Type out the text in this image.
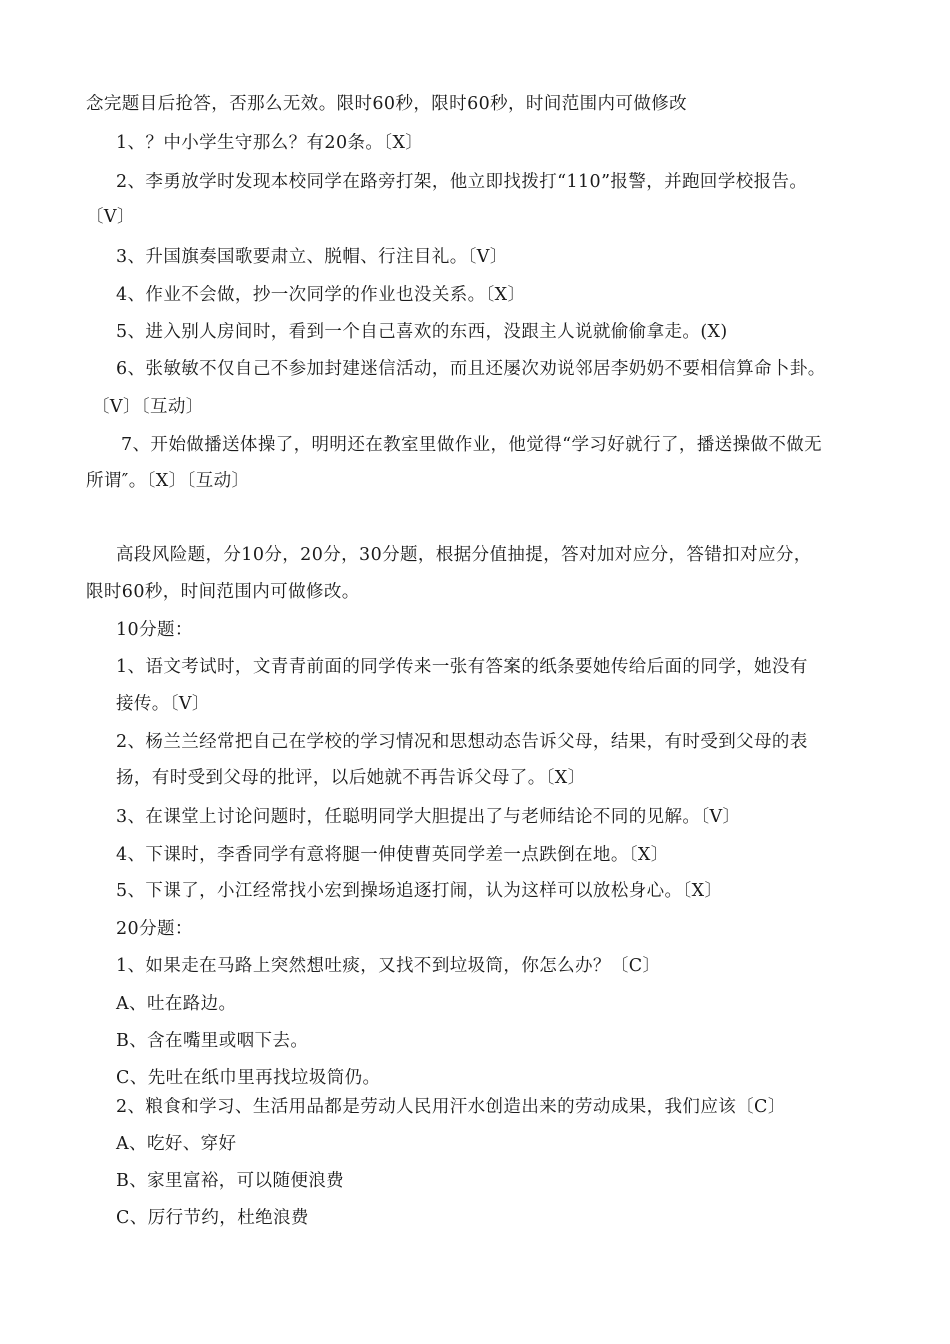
念完题目后抢答，否那么无效。限时60秒，限时60秒，时间范围内可做修改
1、？中小学生守那么？有20条。〔X〕
2、李勇放学时发现本校同学在路旁打架，他立即找拨打“110”报警，并跑回学校报告。
〔V〕
3、升国旗奏国歌要肃立、脱帽、行注目礼。〔V〕
4、作业不会做，抄一次同学的作业也没关系。〔X〕
5、进入别人房间时，看到一个自己喜欢的东西，没跟主人说就偷偷拿走。(X)
6、张敏敏不仅自己不参加封建迷信活动，而且还屡次劝说邻居李奶奶不要相信算命卜卦。
〔V〕〔互动〕
7、开始做播送体操了，明明还在教室里做作业，他觉得“学习好就行了，播送操做不做无
所谓″。〔X〕〔互动〕
高段风险题，分10分，20分，30分题，根据分值抽提，答对加对应分，答错扣对应分，
限时60秒，时间范围内可做修改。
10分题：
1、语文考试时，文青青前面的同学传来一张有答案的纸条要她传给后面的同学，她没有
接传。〔V〕
2、杨兰兰经常把自己在学校的学习情况和思想动态告诉父母，结果，有时受到父母的表
扬，有时受到父母的批评，以后她就不再告诉父母了。〔X〕
3、在课堂上讨论问题时，任聪明同学大胆提出了与老师结论不同的见解。〔V〕
4、下课时，李香同学有意将腿一伸使曹英同学差一点跌倒在地。〔X〕
5、下课了，小江经常找小宏到操场追逐打闹，认为这样可以放松身心。〔X〕
20分题：
1、如果走在马路上突然想吐痰，又找不到垃圾筒，你怎么办？〔C〕
A、吐在路边。
B、含在嘴里或咽下去。
C、先吐在纸巾里再找垃圾筒仍。
2、粮食和学习、生活用品都是劳动人民用汗水创造出来的劳动成果，我们应该〔C〕
A、吃好、穿好
B、家里富裕，可以随便浪费
C、厉行节约，杜绝浪费
